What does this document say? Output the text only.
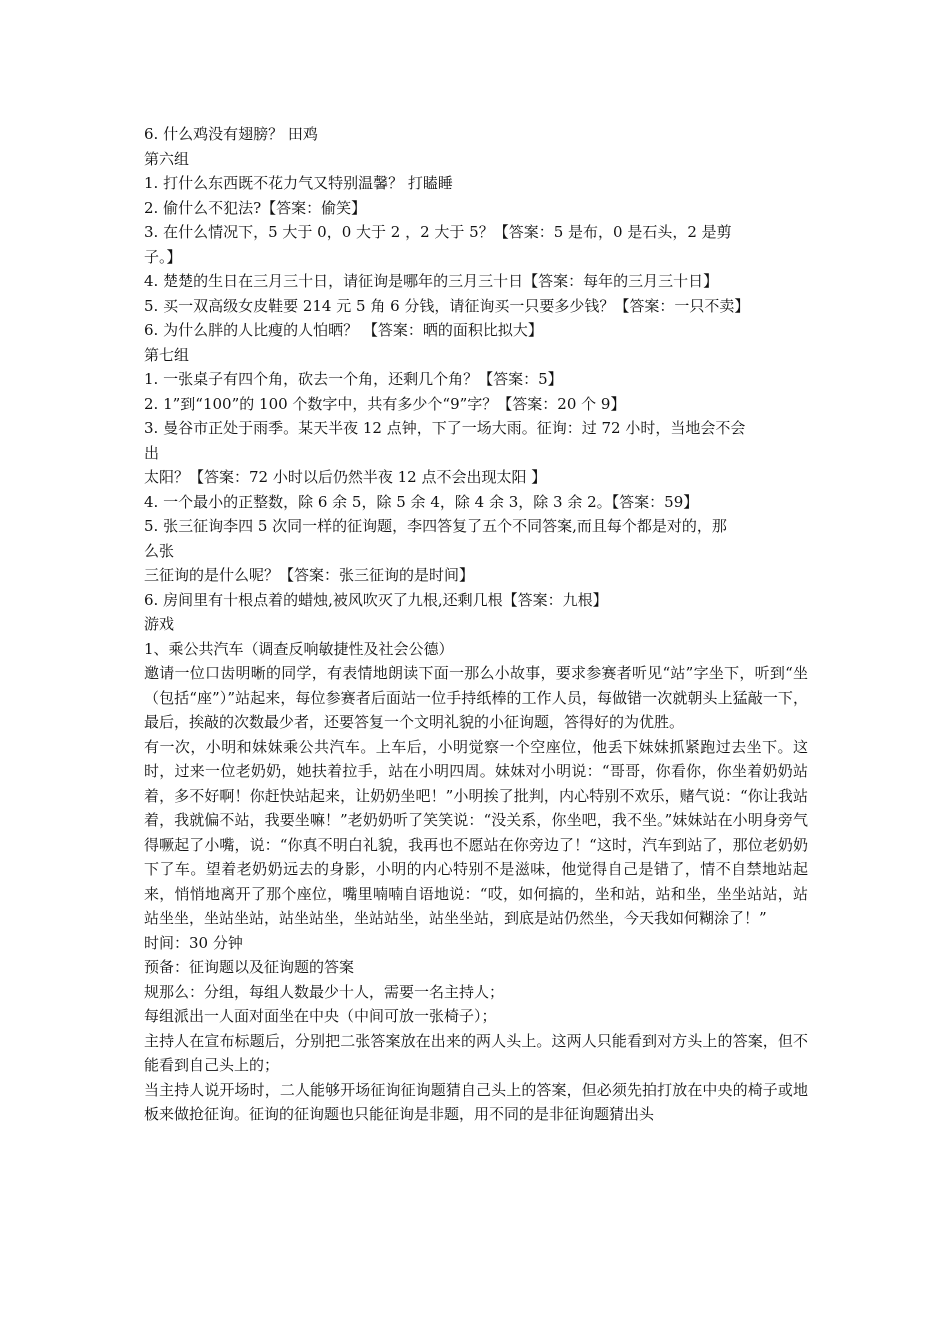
6. 什么鸡没有翅膀？ 田鸡
第六组
1. 打什么东西既不花力气又特别温馨？ 打瞌睡
2. 偷什么不犯法?【答案：偷笑】
3. 在什么情况下，5 大于 0，0 大于 2 ，2 大于 5？【答案：5 是布，0 是石头，2 是剪
子。】
4. 楚楚的生日在三月三十日，请征询是哪年的三月三十日【答案：每年的三月三十日】
5. 买一双高级女皮鞋要 214 元 5 角 6 分钱，请征询买一只要多少钱？【答案：一只不卖】
6. 为什么胖的人比瘦的人怕晒？ 【答案：晒的面积比拟大】
第七组
1. 一张桌子有四个角，砍去一个角，还剩几个角？【答案：5】
2. 1”到“100”的 100 个数字中，共有多少个“9”字？【答案：20 个 9】
3. 曼谷市正处于雨季。某天半夜 12 点钟，下了一场大雨。征询：过 72 小时，当地会不会
出
太阳？【答案：72 小时以后仍然半夜 12 点不会出现太阳 】
4. 一个最小的正整数，除 6 余 5，除 5 余 4，除 4 余 3，除 3 余 2。【答案：59】
5. 张三征询李四 5 次同一样的征询题，李四答复了五个不同答案,而且每个都是对的，那
么张
三征询的是什么呢？【答案：张三征询的是时间】
6. 房间里有十根点着的蜡烛,被风吹灭了九根,还剩几根【答案：九根】
游戏
1、乘公共汽车（调查反响敏捷性及社会公德）

邀请一位口齿明晰的同学，有表情地朗读下面一那么小故事，要求参赛者听见“站”字坐下，听到“坐（包括“座”）”站起来，每位参赛者后面站一位手持纸棒的工作人员，每做错一次就朝头上猛敲一下，最后，挨敲的次数最少者，还要答复一个文明礼貌的小征询题，答得好的为优胜。

有一次，小明和妹妹乘公共汽车。上车后，小明觉察一个空座位，他丢下妹妹抓紧跑过去坐下。这时，过来一位老奶奶，她扶着拉手，站在小明四周。妹妹对小明说：“哥哥，你看你，你坐着奶奶站着，多不好啊！你赶快站起来，让奶奶坐吧！”小明挨了批判，内心特别不欢乐，赌气说：“你让我站着，我就偏不站，我要坐嘛！”老奶奶听了笑笑说：“没关系，你坐吧，我不坐。”妹妹站在小明身旁气得噘起了小嘴，说：“你真不明白礼貌，我再也不愿站在你旁边了！“这时，汽车到站了，那位老奶奶下了车。望着老奶奶远去的身影，小明的内心特别不是滋味，他觉得自己是错了，情不自禁地站起来，悄悄地离开了那个座位，嘴里喃喃自语地说：“哎，如何搞的，坐和站，站和坐，坐坐站站，站站坐坐，坐站坐站，站坐站坐，坐站站坐，站坐坐站，到底是站仍然坐，今天我如何糊涂了！”

时间：30 分钟

预备：征询题以及征询题的答案

规那么：分组，每组人数最少十人，需要一名主持人；

每组派出一人面对面坐在中央（中间可放一张椅子）；

主持人在宣布标题后，分别把二张答案放在出来的两人头上。这两人只能看到对方头上的答案，但不能看到自己头上的；

当主持人说开场时，二人能够开场征询征询题猜自己头上的答案，但必须先拍打放在中央的椅子或地板来做抢征询。征询的征询题也只能征询是非题，用不同的是非征询题猜出头
